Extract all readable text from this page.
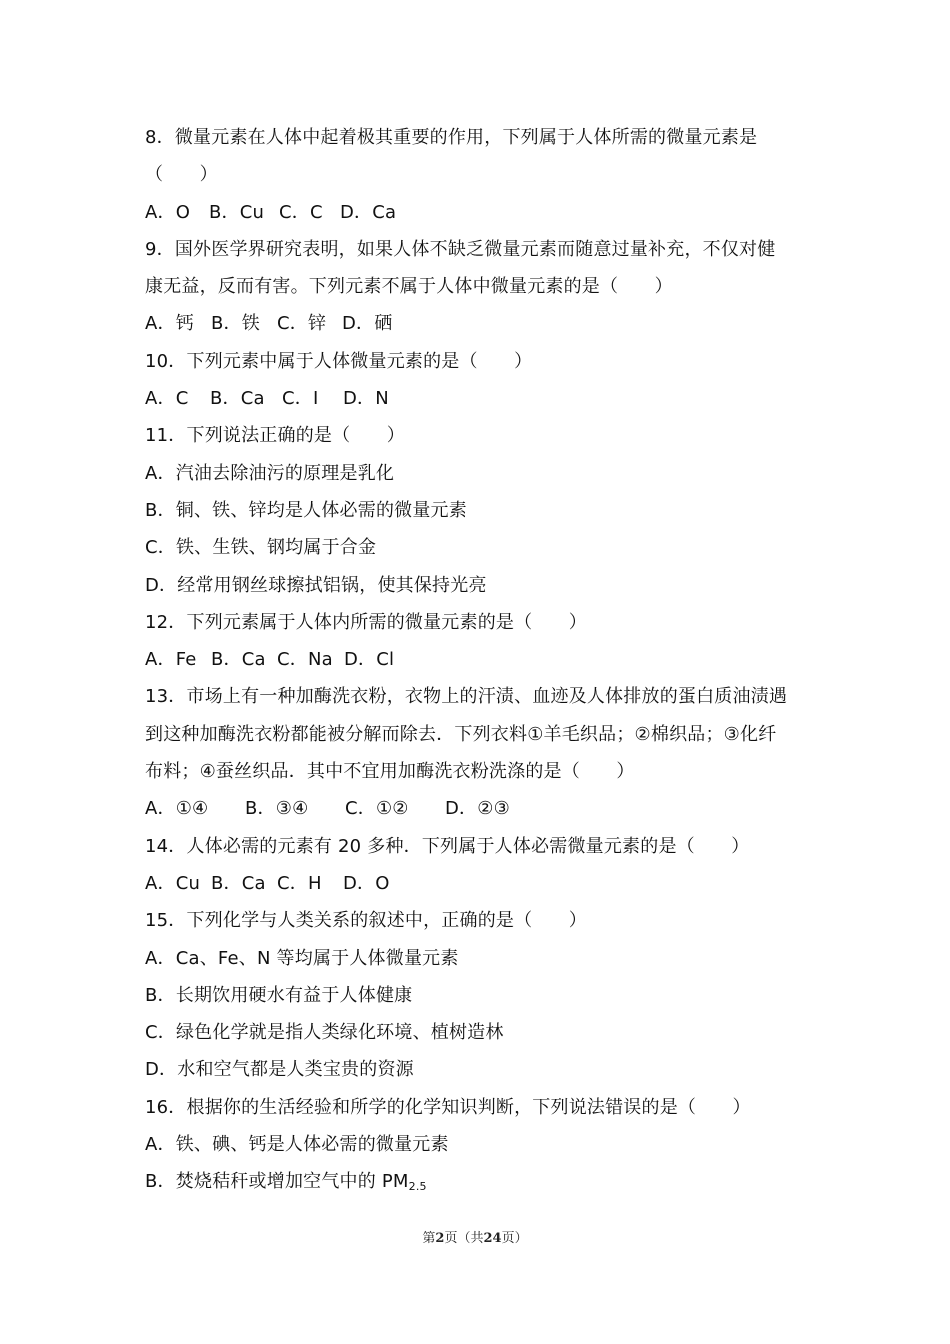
8．微量元素在人体中起着极其重要的作用，下列属于人体所需的微量元素是
（　　）
A．O B．Cu C．C D．Ca
9．国外医学界研究表明，如果人体不缺乏微量元素而随意过量补充，不仅对健
康无益，反而有害。下列元素不属于人体中微量元素的是（　　）
A．钙 B．铁 C．锌 D．硒
10．下列元素中属于人体微量元素的是（　　）
A．C B．Ca C．I D．N
11．下列说法正确的是（　　）
A．汽油去除油污的原理是乳化
B．铜、铁、锌均是人体必需的微量元素
C．铁、生铁、钢均属于合金
D．经常用钢丝球擦拭铝锅，使其保持光亮
12．下列元素属于人体内所需的微量元素的是（　　）
A．Fe B．Ca C．Na D．Cl
13．市场上有一种加酶洗衣粉，衣物上的汗渍、血迹及人体排放的蛋白质油渍遇
到这种加酶洗衣粉都能被分解而除去．下列衣料①羊毛织品；②棉织品；③化纤
布料；④蚕丝织品．其中不宜用加酶洗衣粉洗涤的是（　　）
A．①④ B．③④ C．①② D．②③
14．人体必需的元素有 20 多种．下列属于人体必需微量元素的是（　　）
A．Cu B．Ca C．H D．O
15．下列化学与人类关系的叙述中，正确的是（　　）
A．Ca、Fe、N 等均属于人体微量元素
B．长期饮用硬水有益于人体健康
C．绿色化学就是指人类绿化环境、植树造林
D．水和空气都是人类宝贵的资源
16．根据你的生活经验和所学的化学知识判断，下列说法错误的是（　　）
A．铁、碘、钙是人体必需的微量元素
B．焚烧秸秆或增加空气中的 $PM_{2.5}$
第2页（共24页）
